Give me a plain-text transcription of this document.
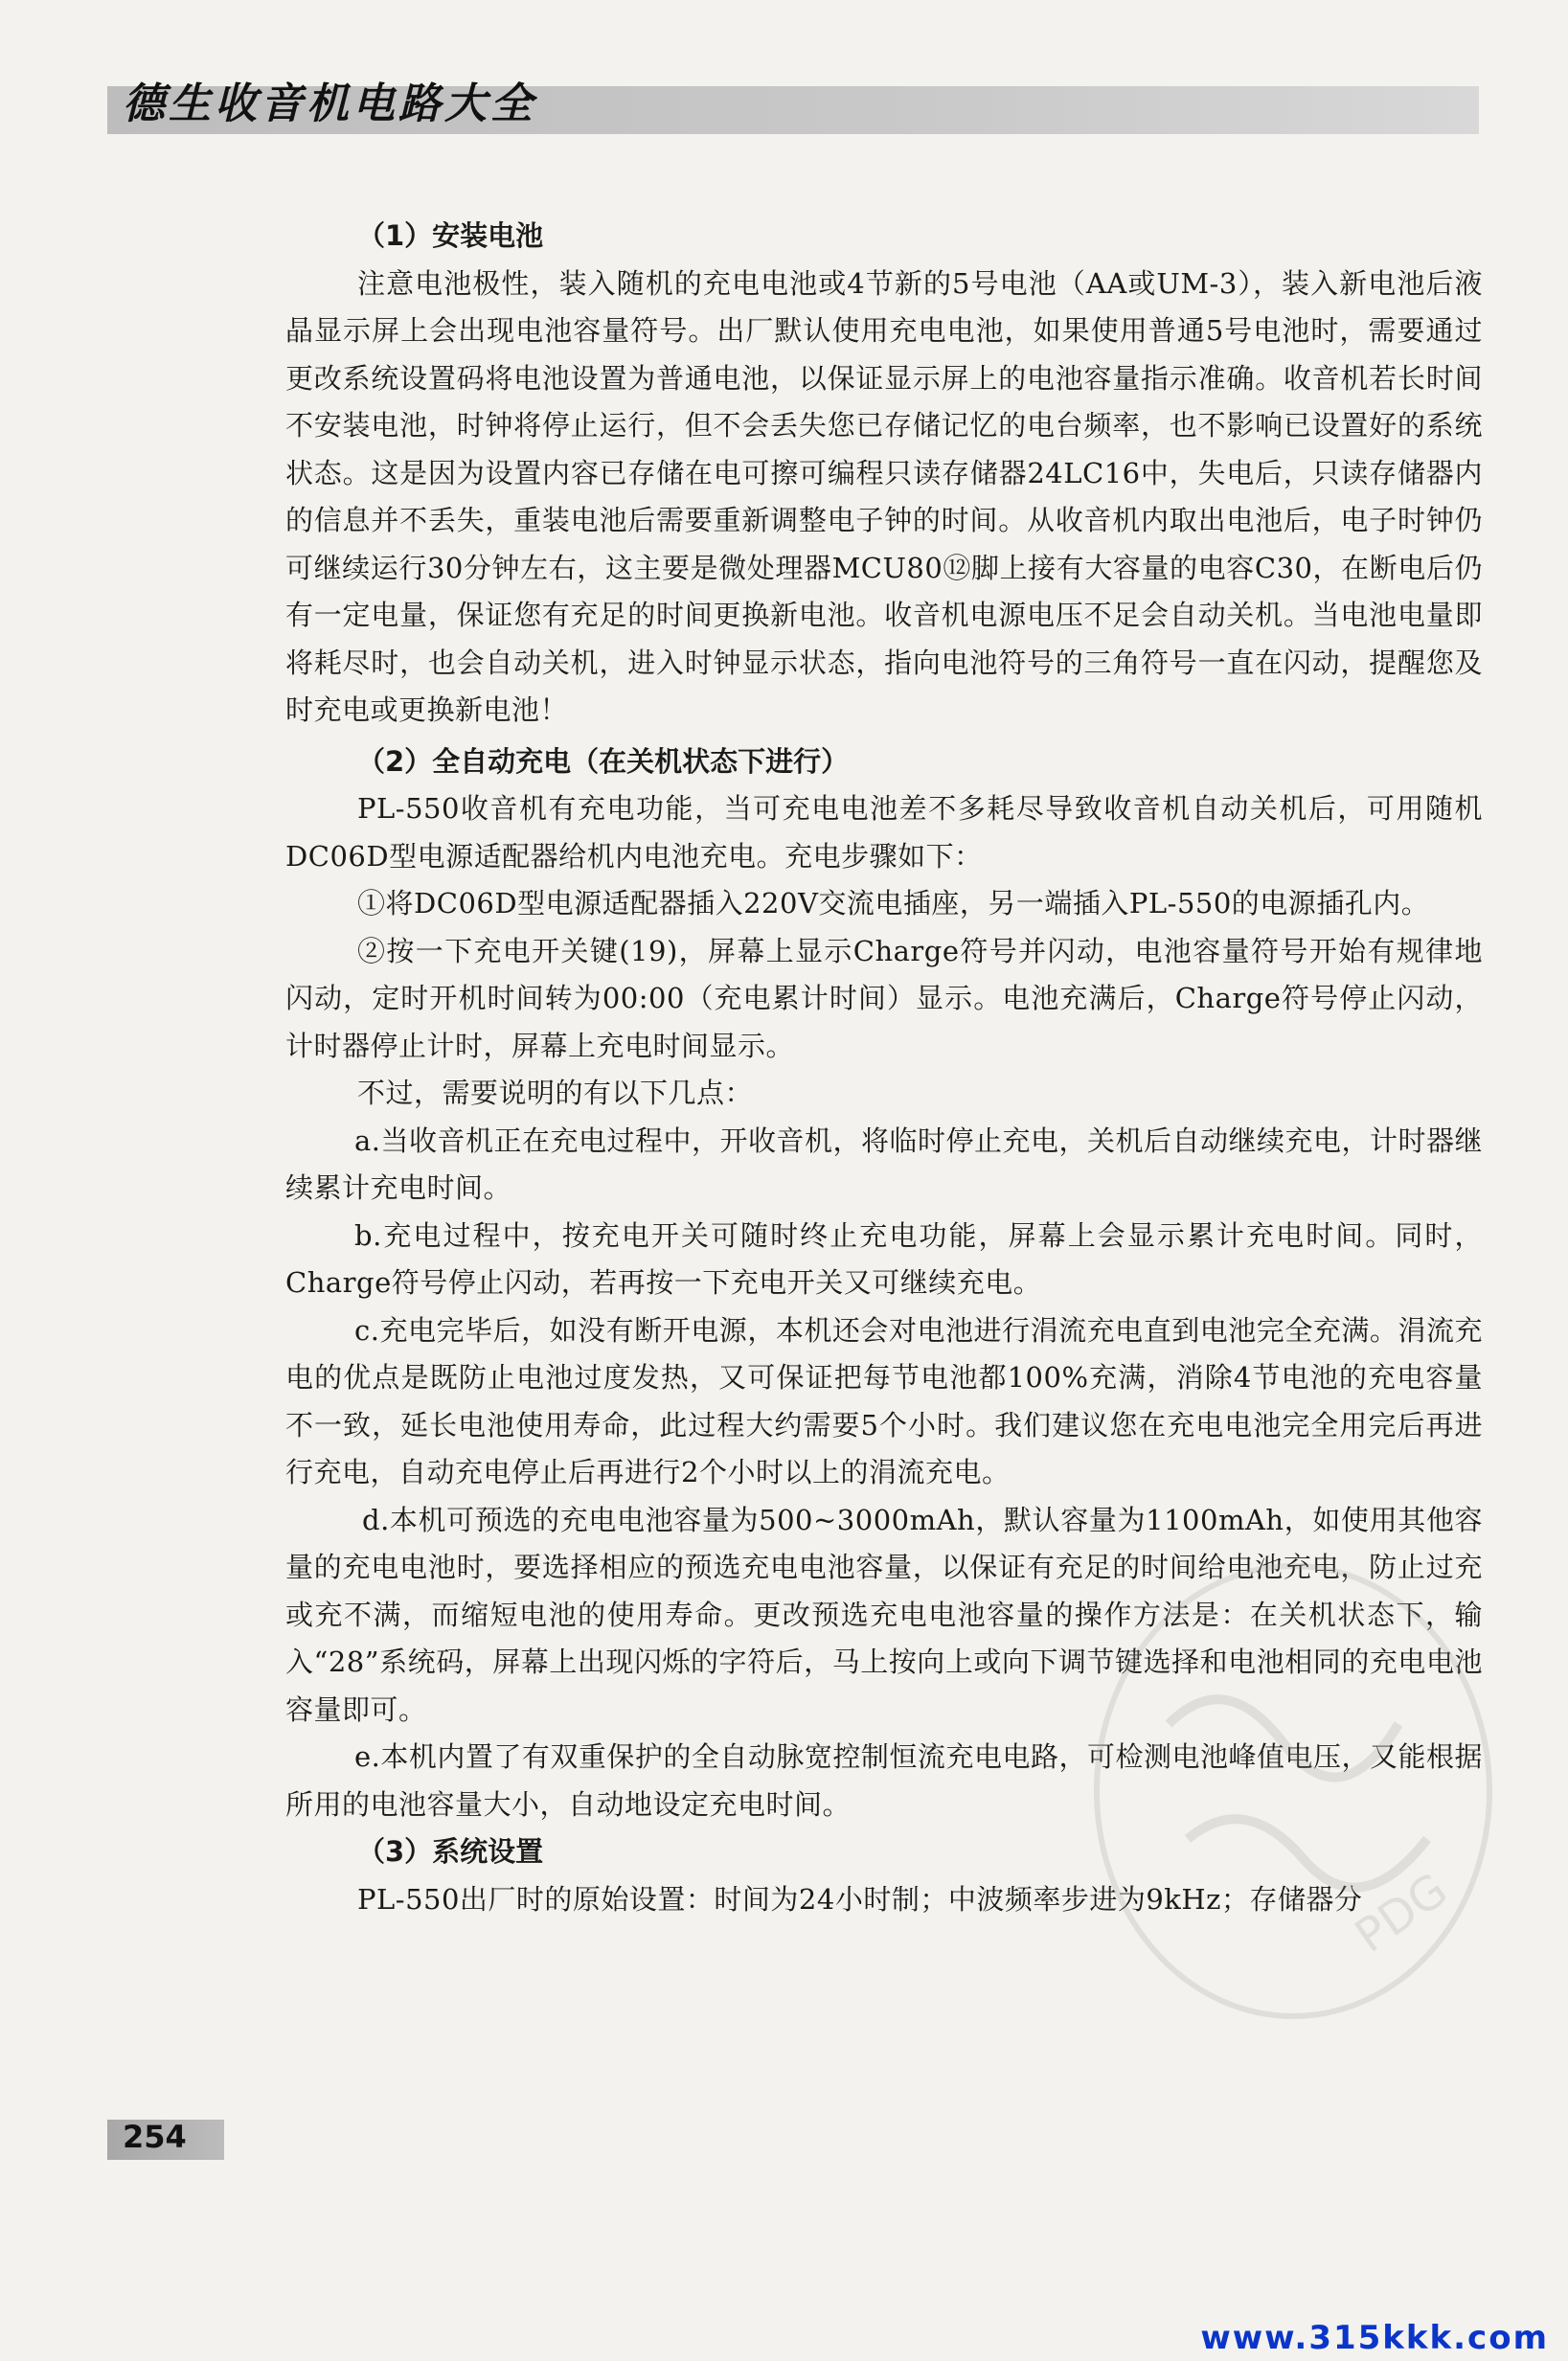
德生收音机电路大全

（1）安装电池

注意电池极性，装入随机的充电电池或4节新的5号电池（AA或UM-3），装入新电池后液晶显示屏上会出现电池容量符号。出厂默认使用充电电池，如果使用普通5号电池时，需要通过更改系统设置码将电池设置为普通电池，以保证显示屏上的电池容量指示准确。收音机若长时间不安装电池，时钟将停止运行，但不会丢失您已存储记忆的电台频率，也不影响已设置好的系统状态。这是因为设置内容已存储在电可擦可编程只读存储器24LC16中，失电后，只读存储器内的信息并不丢失，重装电池后需要重新调整电子钟的时间。从收音机内取出电池后，电子时钟仍可继续运行30分钟左右，这主要是微处理器MCU80⑫脚上接有大容量的电容C30，在断电后仍有一定电量，保证您有充足的时间更换新电池。收音机电源电压不足会自动关机。当电池电量即将耗尽时，也会自动关机，进入时钟显示状态，指向电池符号的三角符号一直在闪动，提醒您及时充电或更换新电池！

（2）全自动充电（在关机状态下进行）

PL-550收音机有充电功能，当可充电电池差不多耗尽导致收音机自动关机后，可用随机DC06D型电源适配器给机内电池充电。充电步骤如下：

①将DC06D型电源适配器插入220V交流电插座，另一端插入PL-550的电源插孔内。

②按一下充电开关键(19)，屏幕上显示Charge符号并闪动，电池容量符号开始有规律地闪动，定时开机时间转为00:00（充电累计时间）显示。电池充满后，Charge符号停止闪动，计时器停止计时，屏幕上充电时间显示。

不过，需要说明的有以下几点：

a.当收音机正在充电过程中，开收音机，将临时停止充电，关机后自动继续充电，计时器继续累计充电时间。

b.充电过程中，按充电开关可随时终止充电功能，屏幕上会显示累计充电时间。同时，Charge符号停止闪动，若再按一下充电开关又可继续充电。

c.充电完毕后，如没有断开电源，本机还会对电池进行涓流充电直到电池完全充满。涓流充电的优点是既防止电池过度发热，又可保证把每节电池都100%充满，消除4节电池的充电容量不一致，延长电池使用寿命，此过程大约需要5个小时。我们建议您在充电电池完全用完后再进行充电，自动充电停止后再进行2个小时以上的涓流充电。

d.本机可预选的充电电池容量为500~3000mAh，默认容量为1100mAh，如使用其他容量的充电电池时，要选择相应的预选充电电池容量，以保证有充足的时间给电池充电，防止过充或充不满，而缩短电池的使用寿命。更改预选充电电池容量的操作方法是：在关机状态下，输入“28”系统码，屏幕上出现闪烁的字符后，马上按向上或向下调节键选择和电池相同的充电电池容量即可。

e.本机内置了有双重保护的全自动脉宽控制恒流充电电路，可检测电池峰值电压，又能根据所用的电池容量大小，自动地设定充电时间。

（3）系统设置

PL-550出厂时的原始设置：时间为24小时制；中波频率步进为9kHz；存储器分

PDG
254
www.315kkk.com
